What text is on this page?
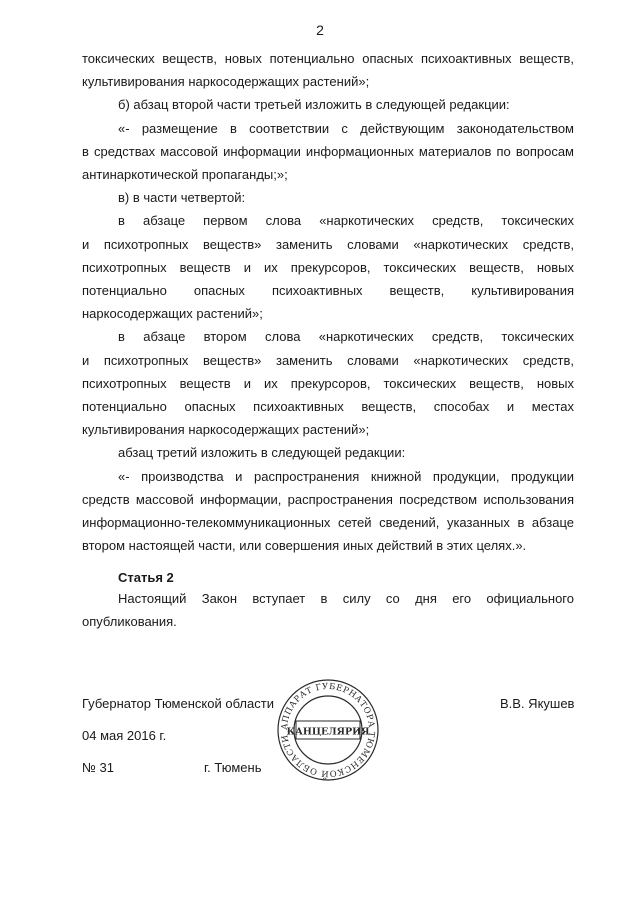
2
токсических веществ, новых потенциально опасных психоактивных веществ,
культивирования наркосодержащих растений»;
б) абзац второй части третьей изложить в следующей редакции:
«- размещение в соответствии с действующим законодательством
в средствах массовой информации информационных материалов по вопросам
антинаркотической пропаганды;»;
в) в части четвертой:
в абзаце первом слова «наркотических средств, токсических
и психотропных веществ» заменить словами «наркотических средств,
психотропных веществ и их прекурсоров, токсических веществ, новых
потенциально опасных психоактивных веществ, культивирования
наркосодержащих растений»;
в абзаце втором слова «наркотических средств, токсических
и психотропных веществ» заменить словами «наркотических средств,
психотропных веществ и их прекурсоров, токсических веществ, новых
потенциально опасных психоактивных веществ, способах и местах
культивирования наркосодержащих растений»;
абзац третий изложить в следующей редакции:
«- производства и распространения книжной продукции, продукции
средств массовой информации, распространения посредством использования
информационно-телекоммуникационных сетей сведений, указанных в абзаце
втором настоящей части, или совершения иных действий в этих целях.».
Статья 2
Настоящий Закон вступает в силу со дня его официального
опубликования.
Губернатор Тюменской области	В.В. Якушев
04 мая 2016 г.
№ 31	г. Тюмень
АППАРАТ ГУБЕРНАТОРА ТЮМЕНСКОЙ ОБЛАСТИ
КАНЦЕЛЯРИЯ
